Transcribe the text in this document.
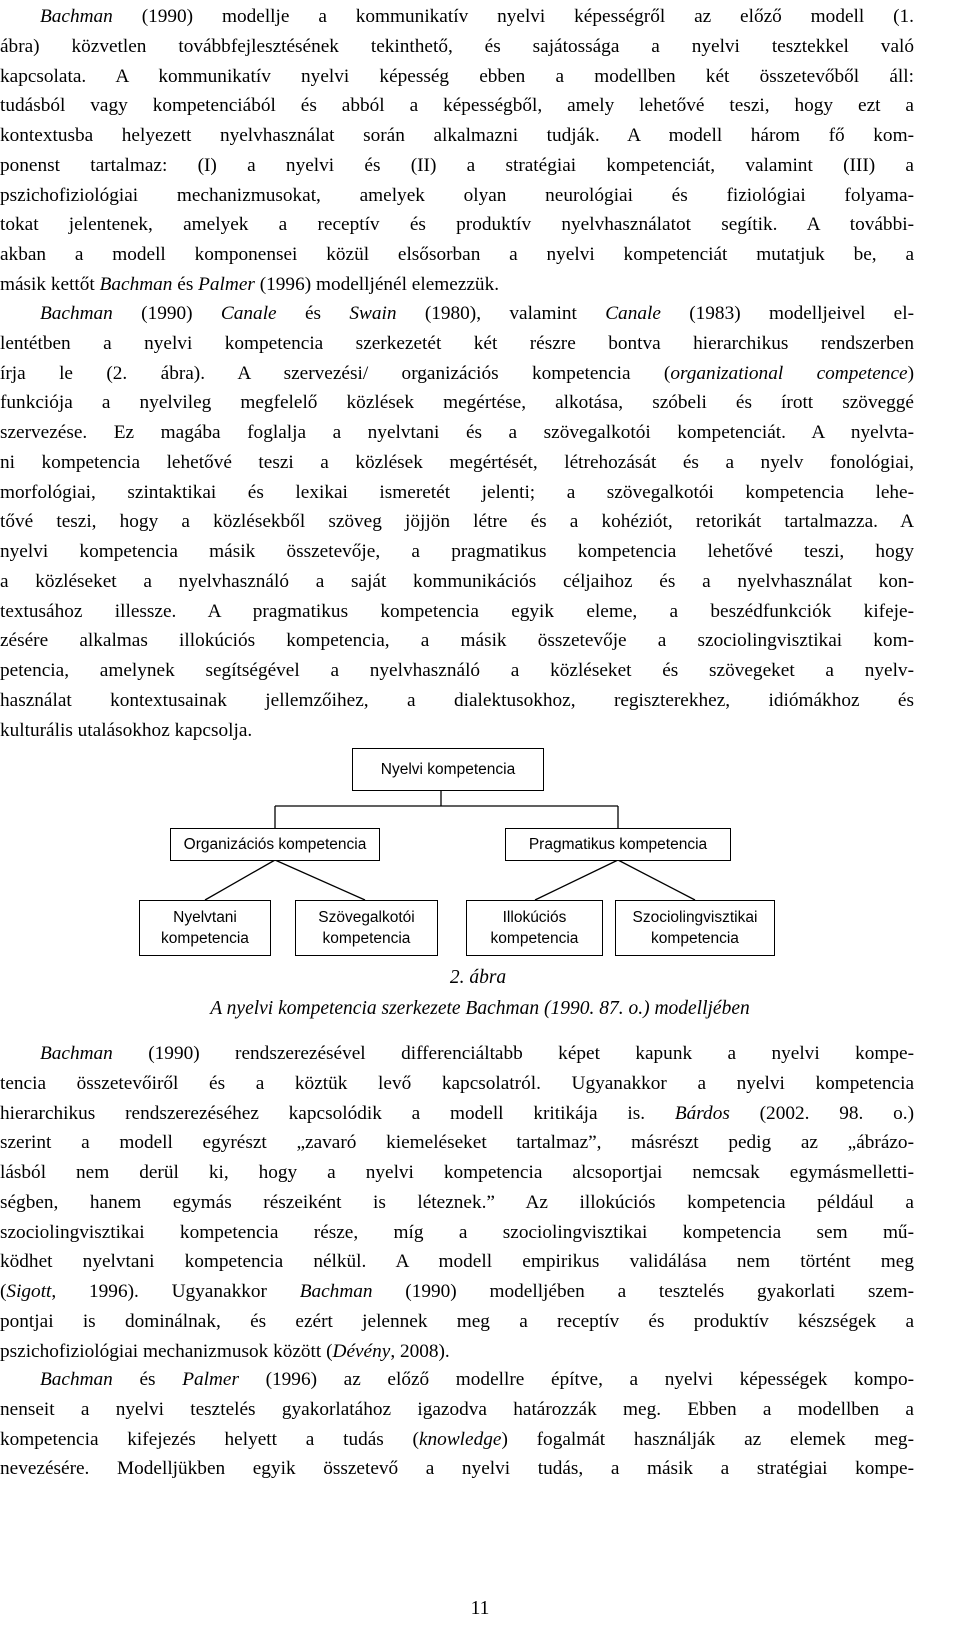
Bachman (1990) modellje a kommunikatív nyelvi képességről az előző modell (1.
ábra) közvetlen továbbfejlesztésének tekinthető, és sajátossága a nyelvi tesztekkel való
kapcsolata. A kommunikatív nyelvi képesség ebben a modellben két összetevőből áll:
tudásból vagy kompetenciából és abból a képességből, amely lehetővé teszi, hogy ezt a
kontextusba helyezett nyelvhasználat során alkalmazni tudják. A modell három fő kom-
ponenst tartalmaz: (I) a nyelvi és (II) a stratégiai kompetenciát, valamint (III) a
pszichofiziológiai mechanizmusokat, amelyek olyan neurológiai és fiziológiai folyama-
tokat jelentenek, amelyek a receptív és produktív nyelvhasználatot segítik. A további-
akban a modell komponensei közül elsősorban a nyelvi kompetenciát mutatjuk be, a
másik kettőt Bachman és Palmer (1996) modelljénél elemezzük.
Bachman (1990) Canale és Swain (1980), valamint Canale (1983) modelljeivel el-
lentétben a nyelvi kompetencia szerkezetét két részre bontva hierarchikus rendszerben
írja le (2. ábra). A szervezési/ organizációs kompetencia (organizational competence)
funkciója a nyelvileg megfelelő közlések megértése, alkotása, szóbeli és írott szöveggé
szervezése. Ez magába foglalja a nyelvtani és a szövegalkotói kompetenciát. A nyelvta-
ni kompetencia lehetővé teszi a közlések megértését, létrehozását és a nyelv fonológiai,
morfológiai, szintaktikai és lexikai ismeretét jelenti; a szövegalkotói kompetencia lehe-
tővé teszi, hogy a közlésekből szöveg jöjjön létre és a kohéziót, retorikát tartalmazza. A
nyelvi kompetencia másik összetevője, a pragmatikus kompetencia lehetővé teszi, hogy
a közléseket a nyelvhasználó a saját kommunikációs céljaihoz és a nyelvhasználat kon-
textusához illessze. A pragmatikus kompetencia egyik eleme, a beszédfunkciók kifeje-
zésére alkalmas illokúciós kompetencia, a másik összetevője a szociolingvisztikai kom-
petencia, amelynek segítségével a nyelvhasználó a közléseket és szövegeket a nyelv-
használat kontextusainak jellemzőihez, a dialektusokhoz, regiszterekhez, idiómákhoz és
kulturális utalásokhoz kapcsolja.
Nyelvi kompetencia
Organizációs kompetencia	Pragmatikus kompetencia
Nyelvtani
kompetencia
Szövegalkotói
kompetencia
Illokúciós
kompetencia
Szociolingvisztikai
kompetencia

2. ábra

A nyelvi kompetencia szerkezete Bachman (1990. 87. o.) modelljében

Bachman (1990) rendszerezésével differenciáltabb képet kapunk a nyelvi kompe-
tencia összetevőiről és a köztük levő kapcsolatról. Ugyanakkor a nyelvi kompetencia
hierarchikus rendszerezéséhez kapcsolódik a modell kritikája is. Bárdos (2002. 98. o.)
szerint a modell egyrészt „zavaró kiemeléseket tartalmaz”, másrészt pedig az „ábrázo-
lásból nem derül ki, hogy a nyelvi kompetencia alcsoportjai nemcsak egymásmelletti-
ségben, hanem egymás részeiként is léteznek.” Az illokúciós kompetencia például a
szociolingvisztikai kompetencia része, míg a szociolingvisztikai kompetencia sem mű-
ködhet nyelvtani kompetencia nélkül. A modell empirikus validálása nem történt meg
(Sigott, 1996). Ugyanakkor Bachman (1990) modelljében a tesztelés gyakorlati szem-
pontjai is dominálnak, és ezért jelennek meg a receptív és produktív készségek a
pszichofiziológiai mechanizmusok között (Dévény, 2008).
Bachman és Palmer (1996) az előző modellre építve, a nyelvi képességek kompo-
nenseit a nyelvi tesztelés gyakorlatához igazodva határozzák meg. Ebben a modellben a
kompetencia kifejezés helyett a tudás (knowledge) fogalmát használják az elemek meg-
nevezésére. Modelljükben egyik összetevő a nyelvi tudás, a másik a stratégiai kompe-

11
